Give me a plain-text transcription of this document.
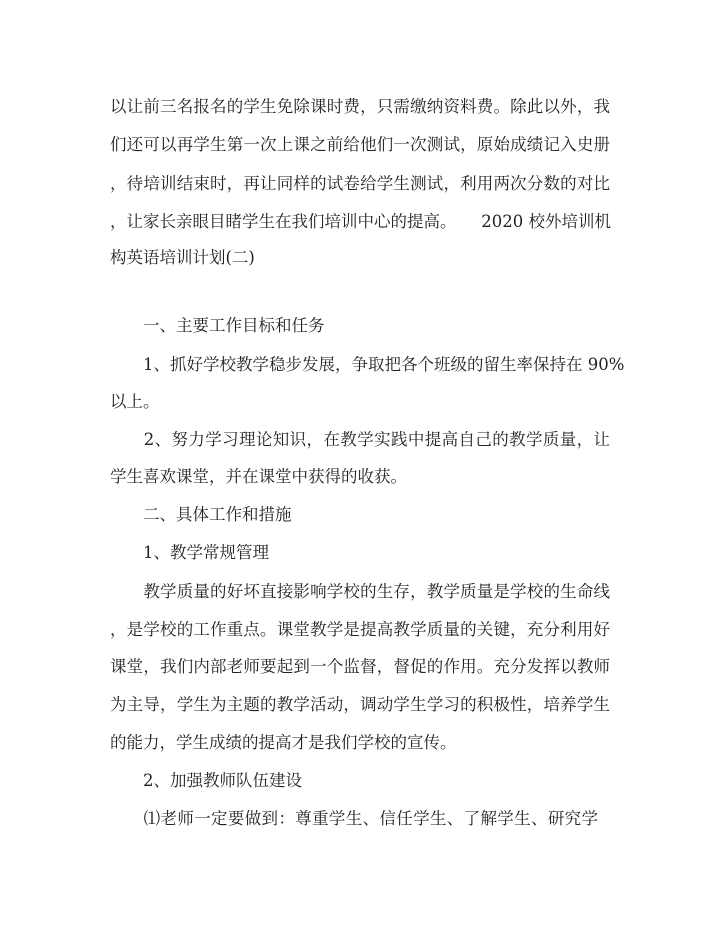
以让前三名报名的学生免除课时费，只需缴纳资料费。除此以外，我
们还可以再学生第一次上课之前给他们一次测试，原始成绩记入史册
，待培训结束时，再让同样的试卷给学生测试，利用两次分数的对比
，让家长亲眼目睹学生在我们培训中心的提高。　　2020 校外培训机
构英语培训计划(二)
　　一、主要工作目标和任务
　　1、抓好学校教学稳步发展，争取把各个班级的留生率保持在 90%
以上。
　　2、努力学习理论知识，在教学实践中提高自己的教学质量，让
学生喜欢课堂，并在课堂中获得的收获。
　　二、具体工作和措施
　　1、教学常规管理
　　教学质量的好坏直接影响学校的生存，教学质量是学校的生命线
，是学校的工作重点。课堂教学是提高教学质量的关键，充分利用好
课堂，我们内部老师要起到一个监督，督促的作用。充分发挥以教师
为主导，学生为主题的教学活动，调动学生学习的积极性，培养学生
的能力，学生成绩的提高才是我们学校的宣传。
　　2、加强教师队伍建设
　　⑴老师一定要做到：尊重学生、信任学生、了解学生、研究学
